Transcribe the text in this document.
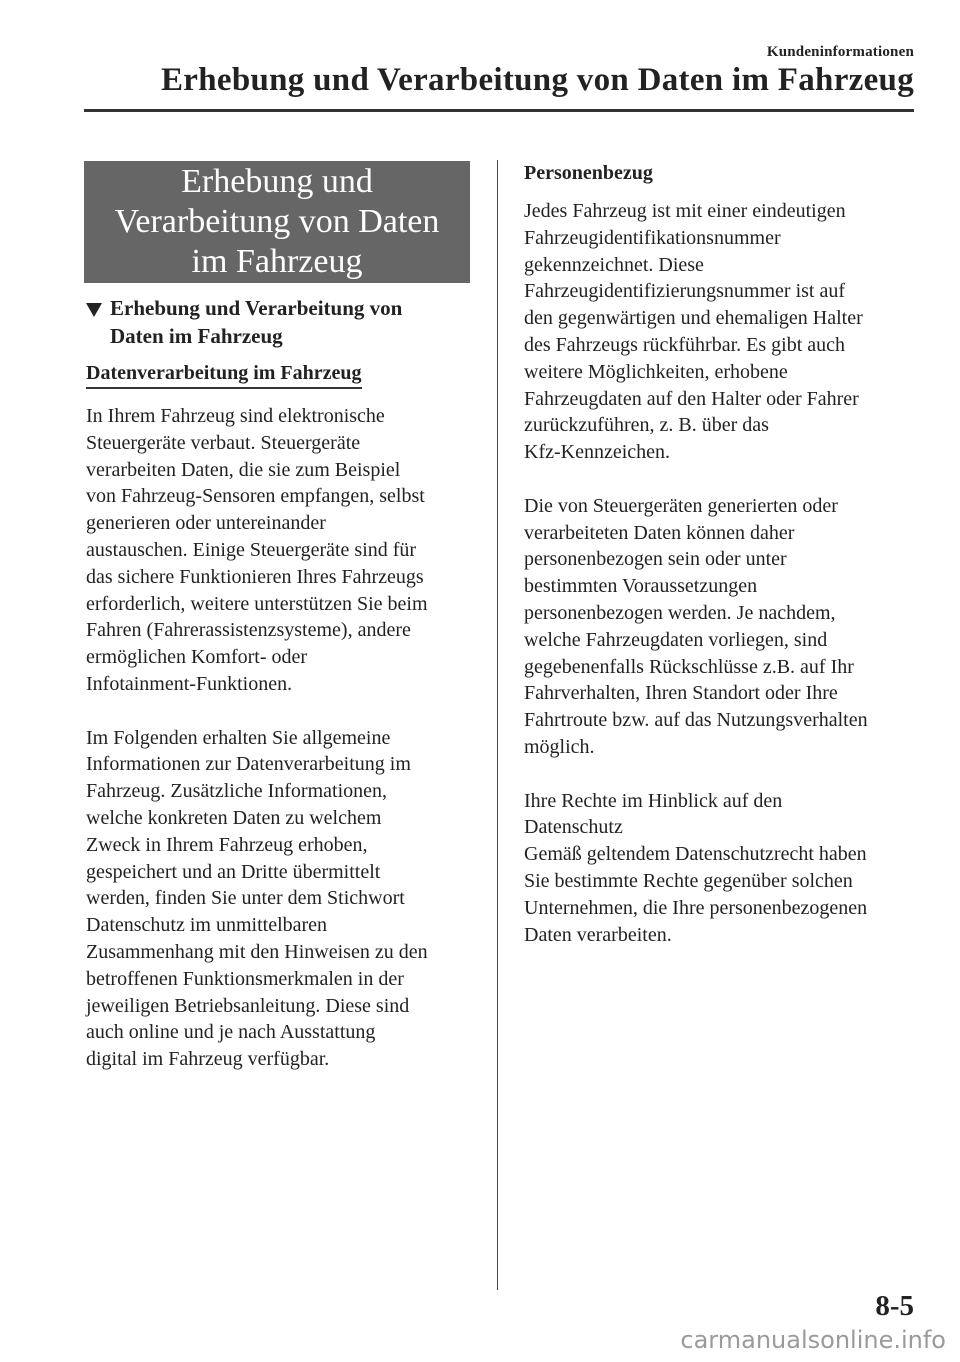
Kundeninformationen
Erhebung und Verarbeitung von Daten im Fahrzeug
Erhebung und
Verarbeitung von Daten
im Fahrzeug
Erhebung und Verarbeitung von
Daten im Fahrzeug
Datenverarbeitung im Fahrzeug

In Ihrem Fahrzeug sind elektronische
Steuergeräte verbaut. Steuergeräte
verarbeiten Daten, die sie zum Beispiel
von Fahrzeug-Sensoren empfangen, selbst
generieren oder untereinander
austauschen. Einige Steuergeräte sind für
das sichere Funktionieren Ihres Fahrzeugs
erforderlich, weitere unterstützen Sie beim
Fahren (Fahrerassistenzsysteme), andere
ermöglichen Komfort- oder
Infotainment-Funktionen.

Im Folgenden erhalten Sie allgemeine
Informationen zur Datenverarbeitung im
Fahrzeug. Zusätzliche Informationen,
welche konkreten Daten zu welchem
Zweck in Ihrem Fahrzeug erhoben,
gespeichert und an Dritte übermittelt
werden, finden Sie unter dem Stichwort
Datenschutz im unmittelbaren
Zusammenhang mit den Hinweisen zu den
betroffenen Funktionsmerkmalen in der
jeweiligen Betriebsanleitung. Diese sind
auch online und je nach Ausstattung
digital im Fahrzeug verfügbar.

Personenbezug

Jedes Fahrzeug ist mit einer eindeutigen
Fahrzeugidentifikationsnummer
gekennzeichnet. Diese
Fahrzeugidentifizierungsnummer ist auf
den gegenwärtigen und ehemaligen Halter
des Fahrzeugs rückführbar. Es gibt auch
weitere Möglichkeiten, erhobene
Fahrzeugdaten auf den Halter oder Fahrer
zurückzuführen, z. B. über das
Kfz-Kennzeichen.

Die von Steuergeräten generierten oder
verarbeiteten Daten können daher
personenbezogen sein oder unter
bestimmten Voraussetzungen
personenbezogen werden. Je nachdem,
welche Fahrzeugdaten vorliegen, sind
gegebenenfalls Rückschlüsse z.B. auf Ihr
Fahrverhalten, Ihren Standort oder Ihre
Fahrtroute bzw. auf das Nutzungsverhalten
möglich.

Ihre Rechte im Hinblick auf den
Datenschutz
Gemäß geltendem Datenschutzrecht haben
Sie bestimmte Rechte gegenüber solchen
Unternehmen, die Ihre personenbezogenen
Daten verarbeiten.

8-5
carmanualsonline.info
